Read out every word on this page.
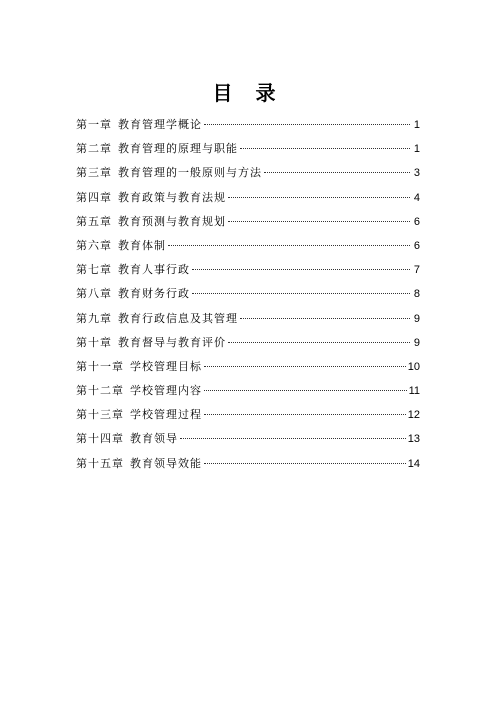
目 录
第一章 教育管理学概论	1
第二章 教育管理的原理与职能	1
第三章 教育管理的一般原则与方法	3
第四章 教育政策与教育法规	4
第五章 教育预测与教育规划	6
第六章 教育体制	6
第七章 教育人事行政	7
第八章 教育财务行政	8
第九章 教育行政信息及其管理	9
第十章 教育督导与教育评价	9
第十一章 学校管理目标	10
第十二章 学校管理内容	11
第十三章 学校管理过程	12
第十四章 教育领导	13
第十五章 教育领导效能	14
